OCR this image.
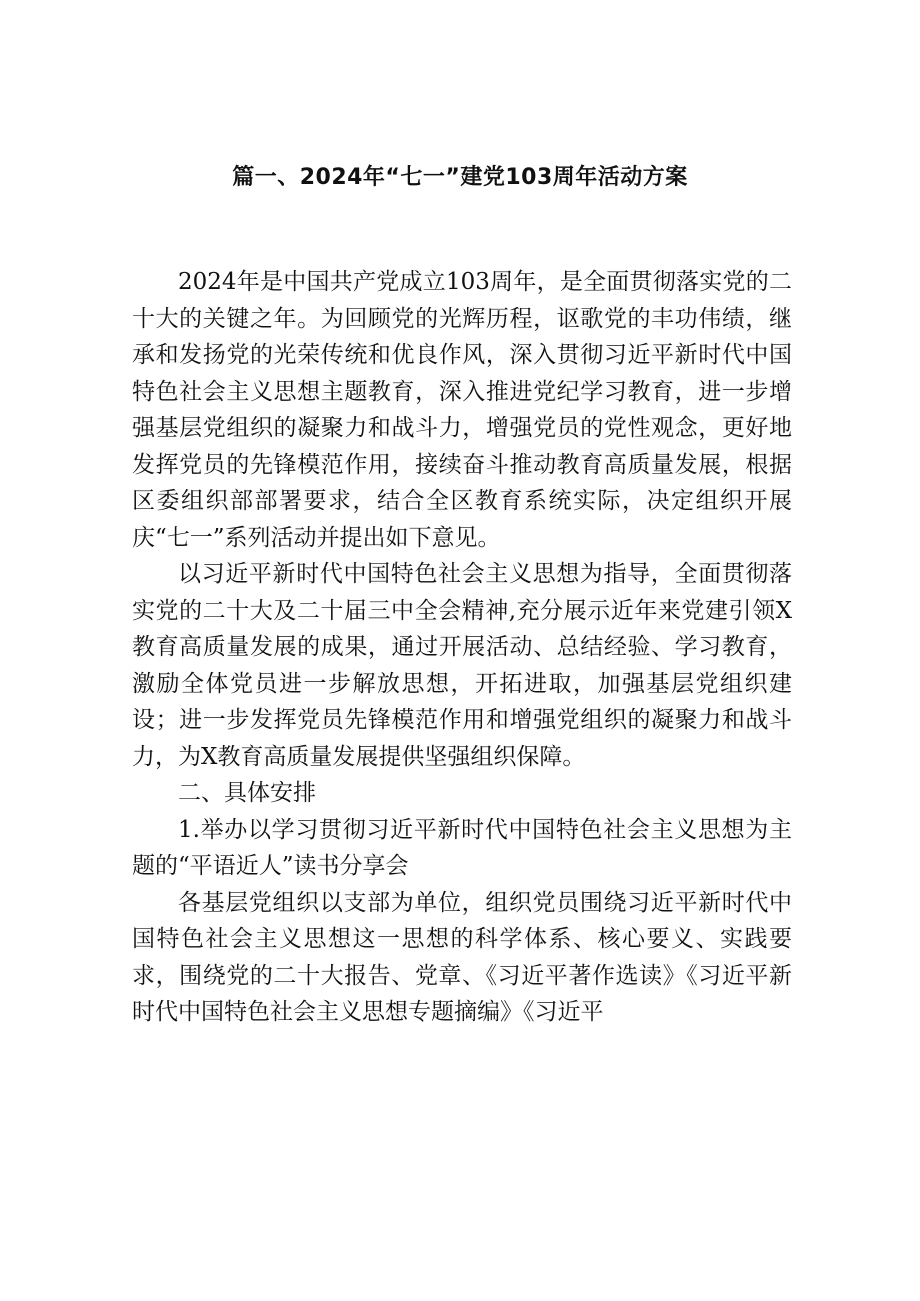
篇一、2024年“七一”建党103周年活动方案

2024年是中国共产党成立103周年，是全面贯彻落实党的二十大的关键之年。为回顾党的光辉历程，讴歌党的丰功伟绩，继承和发扬党的光荣传统和优良作风，深入贯彻习近平新时代中国特色社会主义思想主题教育，深入推进党纪学习教育，进一步增强基层党组织的凝聚力和战斗力，增强党员的党性观念，更好地发挥党员的先锋模范作用，接续奋斗推动教育高质量发展，根据区委组织部部署要求，结合全区教育系统实际，决定组织开展庆“七一”系列活动并提出如下意见。

以习近平新时代中国特色社会主义思想为指导，全面贯彻落实党的二十大及二十届三中全会精神,充分展示近年来党建引领X教育高质量发展的成果，通过开展活动、总结经验、学习教育，激励全体党员进一步解放思想，开拓进取，加强基层党组织建设；进一步发挥党员先锋模范作用和增强党组织的凝聚力和战斗力，为X教育高质量发展提供坚强组织保障。

二、具体安排

1.举办以学习贯彻习近平新时代中国特色社会主义思想为主题的“平语近人”读书分享会

各基层党组织以支部为单位，组织党员围绕习近平新时代中国特色社会主义思想这一思想的科学体系、核心要义、实践要求，围绕党的二十大报告、党章、《习近平著作选读》《习近平新时代中国特色社会主义思想专题摘编》《习近平
